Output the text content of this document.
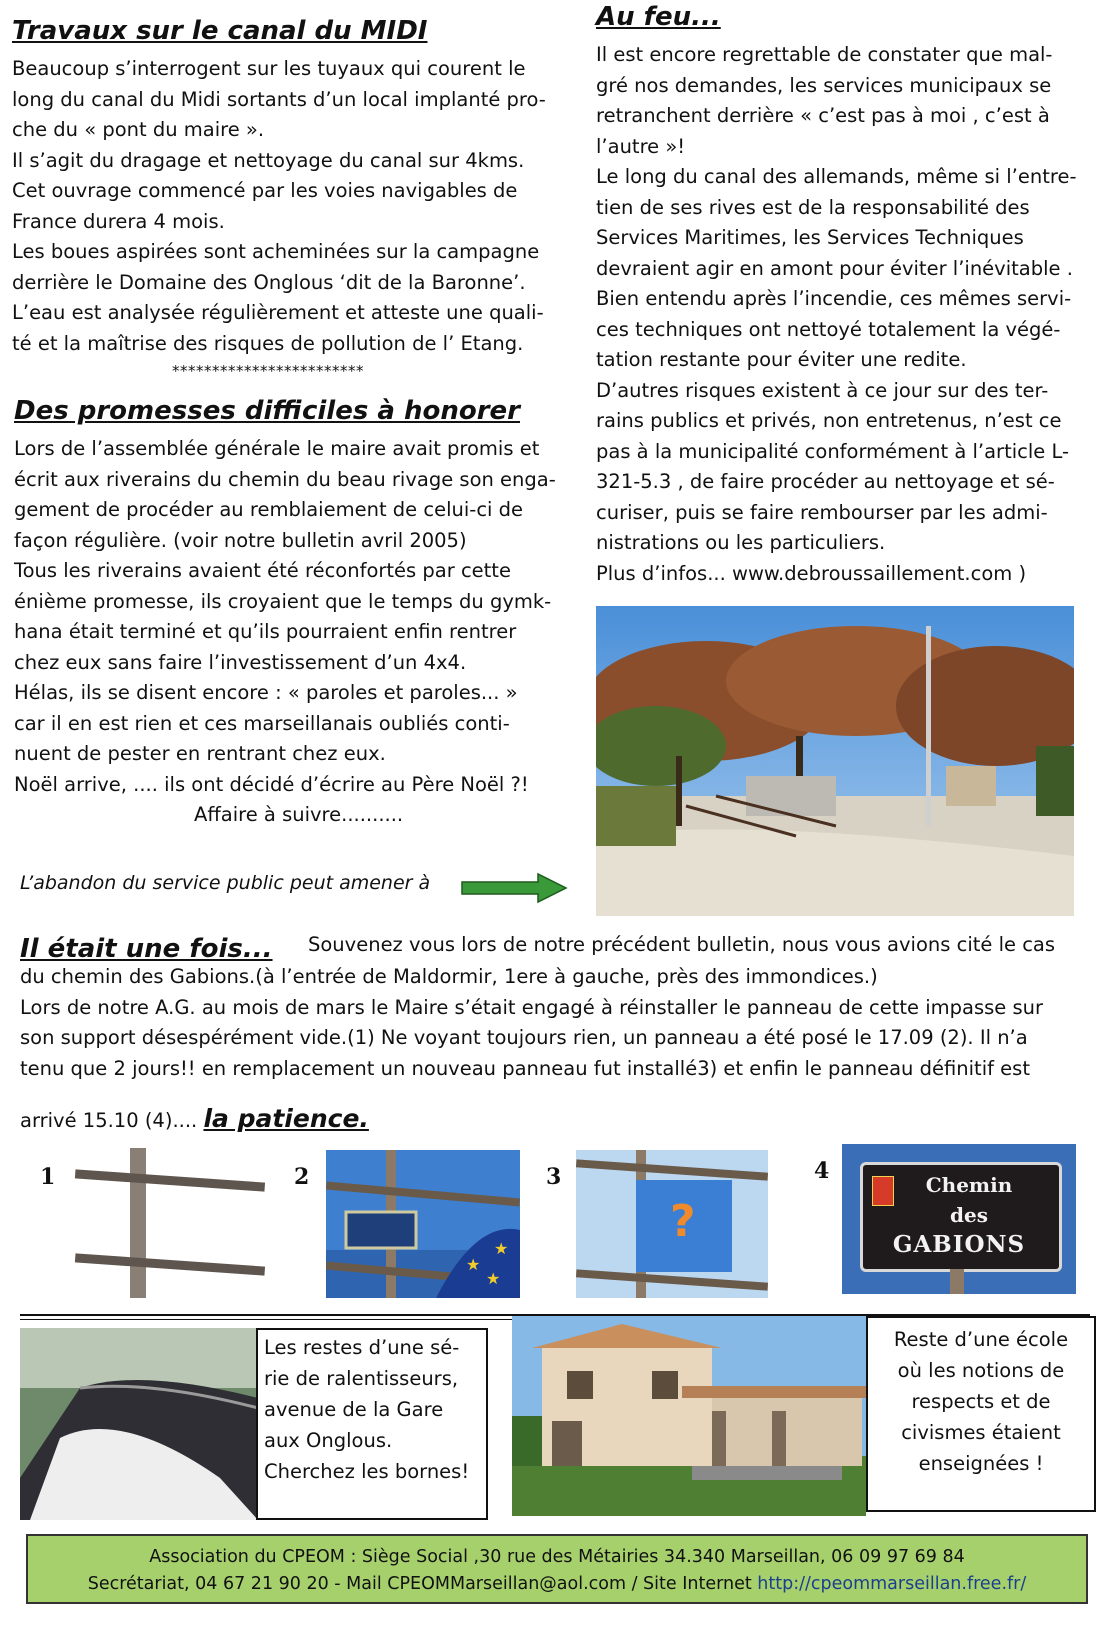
Travaux sur le canal du MIDI

Beaucoup s’interrogent sur les tuyaux qui courent le

long du canal du Midi sortants d’un local implanté pro-

che du « pont du maire ».

Il s’agit du dragage et nettoyage du canal sur 4kms.

Cet ouvrage commencé par les voies navigables de

France durera 4 mois.

Les boues aspirées sont acheminées sur la campagne

derrière le Domaine des Onglous ‘dit de la Baronne’.

L’eau est analysée régulièrement et atteste une quali-

té et la maîtrise des risques de pollution de l’ Etang.

************************
Des promesses difficiles à honorer

Lors de l’assemblée générale le maire avait promis et

écrit aux riverains du chemin du beau rivage son enga-

gement de procéder au remblaiement de celui-ci de

façon régulière. (voir notre bulletin avril 2005)

Tous les riverains avaient été réconfortés par cette

énième promesse, ils croyaient que le temps du gymk-

hana était terminé et qu’ils pourraient enfin rentrer

chez eux sans faire l’investissement d’un 4x4.

Hélas, ils se disent encore : « paroles et paroles... »

car il en est rien et ces marseillanais oubliés conti-

nuent de pester en rentrant chez eux.

Noël arrive, .... ils ont décidé d’écrire au Père Noël ?!

Affaire à suivre..........

L’abandon du service public peut amener à
Au feu...

Il est encore regrettable de constater que mal-

gré nos demandes, les services municipaux se

retranchent derrière « c’est pas à moi , c’est à

l’autre »!

Le long du canal des allemands, même si l’entre-

tien de ses rives est de la responsabilité des

Services Maritimes, les Services Techniques

devraient agir en amont pour éviter l’inévitable .

Bien entendu après l’incendie, ces mêmes servi-

ces techniques ont nettoyé totalement la végé-

tation restante pour éviter une redite.

D’autres risques existent à ce jour sur des ter-

rains publics et privés, non entretenus, n’est ce

pas à la municipalité conformément à l’article L-

321-5.3 , de faire procéder au nettoyage et sé-

curiser, puis se faire rembourser par les admi-

nistrations ou les particuliers.

Plus d’infos... www.debroussaillement.com )

Il était une fois... Souvenez vous lors de notre précédent bulletin, nous vous avions cité le cas

du chemin des Gabions.(à l’entrée de Maldormir, 1ere à gauche, près des immondices.)

Lors de notre A.G. au mois de mars le Maire s’était engagé à réinstaller le panneau de cette impasse sur

son support désespérément vide.(1) Ne voyant toujours rien, un panneau a été posé le 17.09 (2). Il n’a

tenu que 2 jours!! en remplacement un nouveau panneau fut installé3) et enfin le panneau définitif est

arrivé 15.10 (4).... la patience.
1	2
★
★
★
3
?
4
Chemin
des
GABIONS
Les restes d’une sé-
rie de ralentisseurs,
avenue de la Gare
aux Onglous.
Cherchez les bornes!
Reste d’une école
où les notions de
respects et de
civismes étaient
enseignées !
Association du CPEOM : Siège Social ,30 rue des Métairies 34.340 Marseillan, 06 09 97 69 84
Secrétariat, 04 67 21 90 20 - Mail CPEOMMarseillan@aol.com / Site Internet http://cpeommarseillan.free.fr/
